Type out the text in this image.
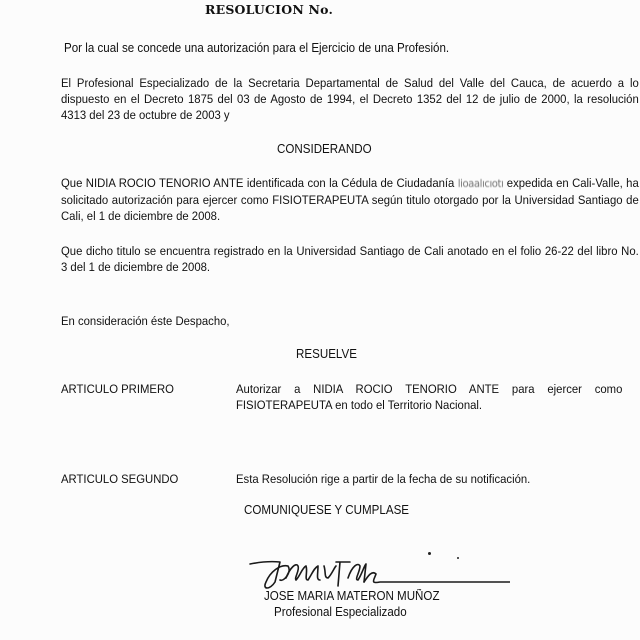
RESOLUCION No.
Por la cual se concede una autorización para el Ejercicio de una Profesión.
El Profesional Especializado de la Secretaria Departamental de Salud del Valle del Cauca, de acuerdo a lo dispuesto en el Decreto 1875 del 03 de Agosto de 1994, el Decreto 1352 del 12 de julio de 2000, la resolución 4313 del 23 de octubre de 2003 y
CONSIDERANDO
Que NIDIA ROCIO TENORIO ANTE identificada con la Cédula de Ciudadanía lioaalıcıotı expedida en Cali-Valle, ha solicitado autorización para ejercer como FISIOTERAPEUTA según titulo otorgado por la Universidad Santiago de Cali, el 1 de diciembre de 2008.
Que dicho titulo se encuentra registrado en la Universidad Santiago de Cali anotado en el folio 26-22 del libro No. 3 del 1 de diciembre de 2008.
En consideración éste Despacho,
RESUELVE
ARTICULO PRIMERO	Autorizar a NIDIA ROCIO TENORIO ANTE para ejercer como FISIOTERAPEUTA en todo el Territorio Nacional.
ARTICULO SEGUNDO	Esta Resolución rige a partir de la fecha de su notificación.
COMUNIQUESE Y CUMPLASE
JOSE MARIA MATERON MUÑOZ
Profesional Especializado
